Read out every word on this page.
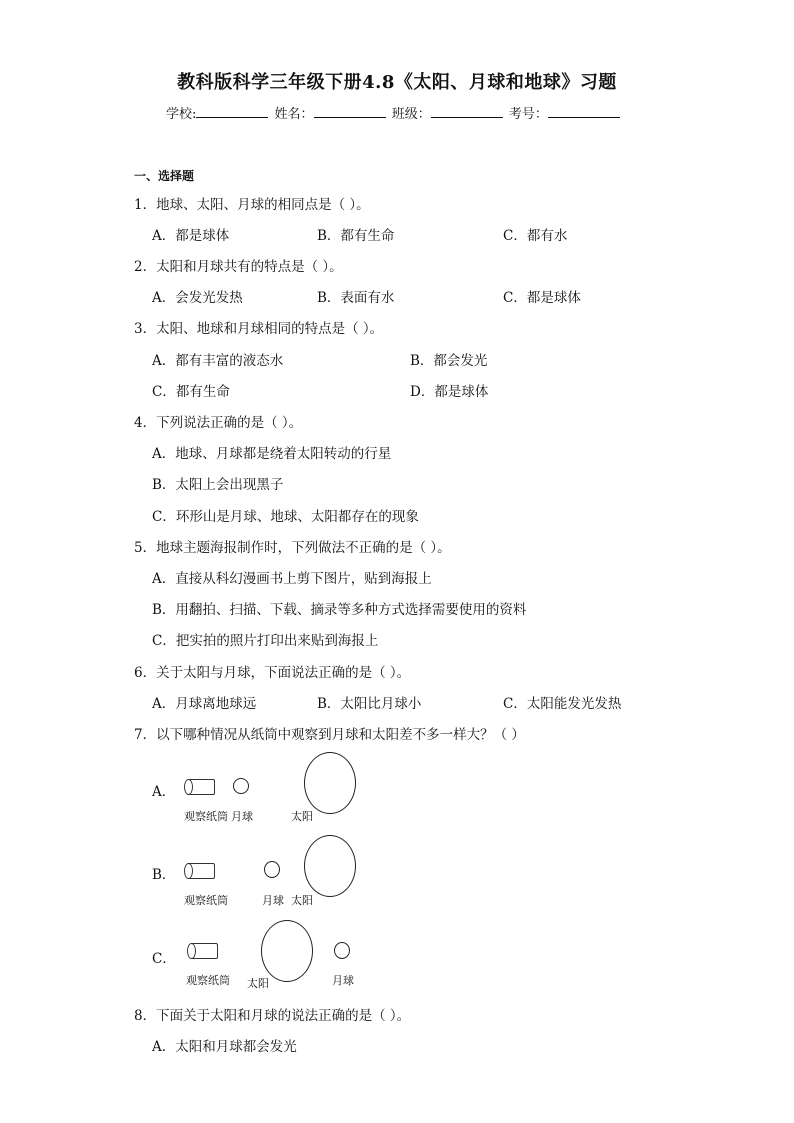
教科版科学三年级下册4.8《太阳、月球和地球》习题
学校:	姓名：	班级：	考号：
一、选择题
1．地球、太阳、月球的相同点是（ ）。
A．都是球体	B．都有生命	C．都有水
2．太阳和月球共有的特点是（ ）。
A．会发光发热	B．表面有水	C．都是球体
3．太阳、地球和月球相同的特点是（ ）。
A．都有丰富的液态水	B．都会发光
C．都有生命	D．都是球体
4．下列说法正确的是（ ）。
A．地球、月球都是绕着太阳转动的行星
B．太阳上会出现黑子
C．环形山是月球、地球、太阳都存在的现象
5．地球主题海报制作时，下列做法不正确的是（ ）。
A．直接从科幻漫画书上剪下图片，贴到海报上
B．用翻拍、扫描、下载、摘录等多种方式选择需要使用的资料
C．把实拍的照片打印出来贴到海报上
6．关于太阳与月球，下面说法正确的是（ ）。
A．月球离地球远	B．太阳比月球小	C．太阳能发光发热
7．以下哪种情况从纸筒中观察到月球和太阳差不多一样大？（ ）
A．
观察纸筒 月球	太阳
B．
观察纸筒	月球 太阳
C．
观察纸筒 太阳	月球
8．下面关于太阳和月球的说法正确的是（ ）。
A．太阳和月球都会发光
